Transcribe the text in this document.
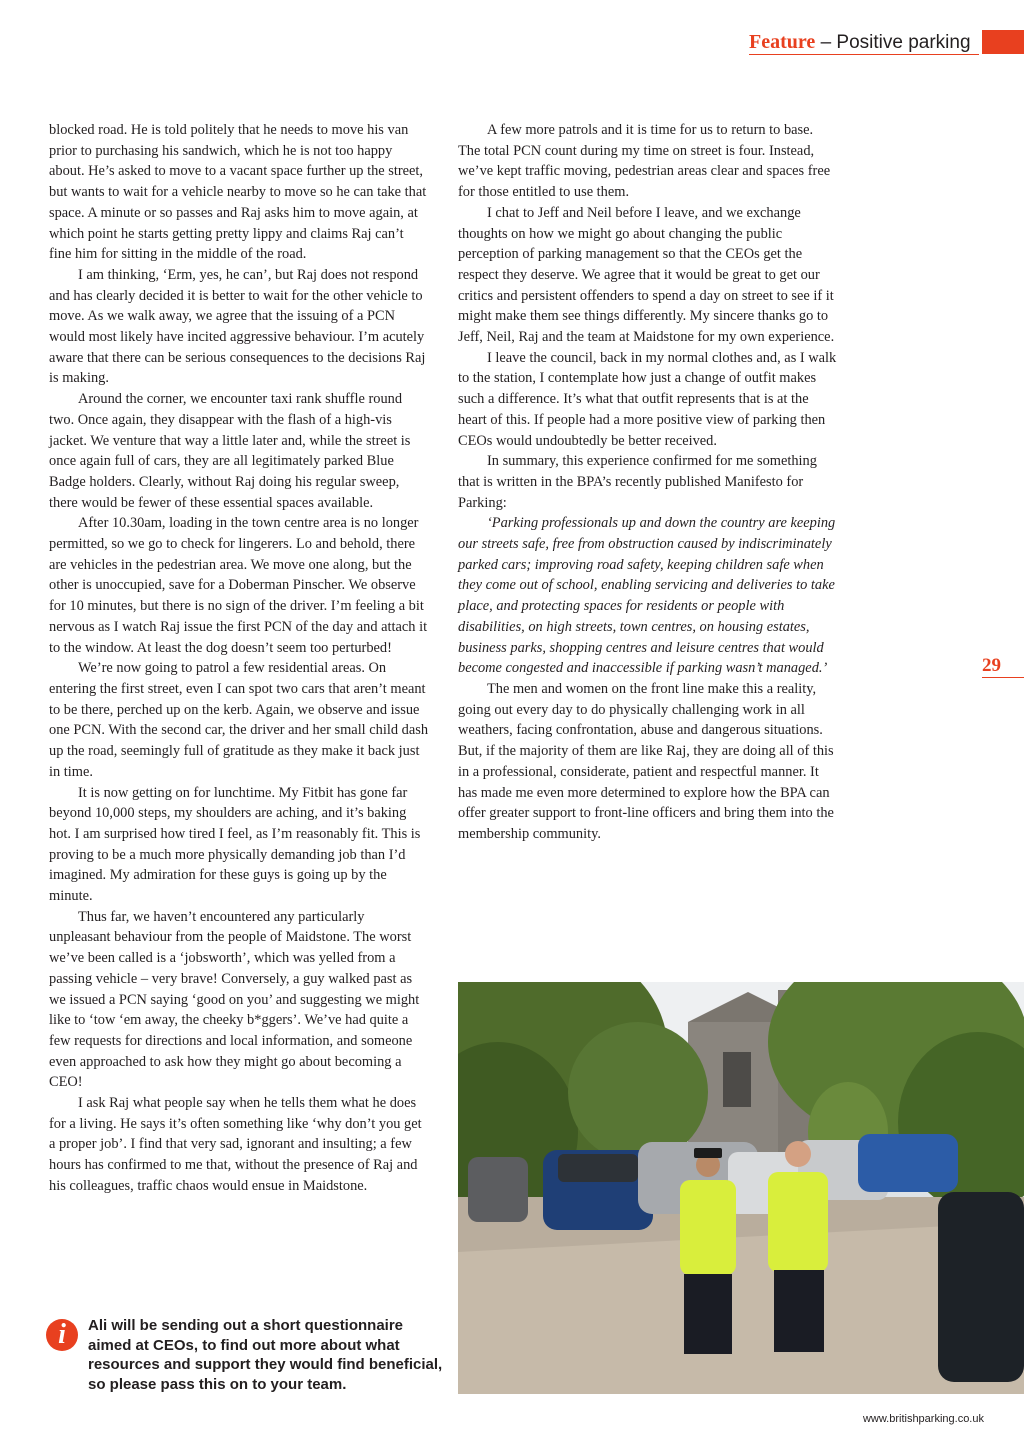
Feature – Positive parking

blocked road. He is told politely that he needs to move his van prior to purchasing his sandwich, which he is not too happy about. He’s asked to move to a vacant space further up the street, but wants to wait for a vehicle nearby to move so he can take that space. A minute or so passes and Raj asks him to move again, at which point he starts getting pretty lippy and claims Raj can’t fine him for sitting in the middle of the road.

I am thinking, ‘Erm, yes, he can’, but Raj does not respond and has clearly decided it is better to wait for the other vehicle to move. As we walk away, we agree that the issuing of a PCN would most likely have incited aggressive behaviour. I’m acutely aware that there can be serious consequences to the decisions Raj is making.

Around the corner, we encounter taxi rank shuffle round two. Once again, they disappear with the flash of a high-vis jacket. We venture that way a little later and, while the street is once again full of cars, they are all legitimately parked Blue Badge holders. Clearly, without Raj doing his regular sweep, there would be fewer of these essential spaces available.

After 10.30am, loading in the town centre area is no longer permitted, so we go to check for lingerers. Lo and behold, there are vehicles in the pedestrian area. We move one along, but the other is unoccupied, save for a Doberman Pinscher. We observe for 10 minutes, but there is no sign of the driver. I’m feeling a bit nervous as I watch Raj issue the first PCN of the day and attach it to the window. At least the dog doesn’t seem too perturbed!

We’re now going to patrol a few residential areas. On entering the first street, even I can spot two cars that aren’t meant to be there, perched up on the kerb. Again, we observe and issue one PCN. With the second car, the driver and her small child dash up the road, seemingly full of gratitude as they make it back just in time.

It is now getting on for lunchtime. My Fitbit has gone far beyond 10,000 steps, my shoulders are aching, and it’s baking hot. I am surprised how tired I feel, as I’m reasonably fit. This is proving to be a much more physically demanding job than I’d imagined. My admiration for these guys is going up by the minute.

Thus far, we haven’t encountered any particularly unpleasant behaviour from the people of Maidstone. The worst we’ve been called is a ‘jobsworth’, which was yelled from a passing vehicle – very brave! Conversely, a guy walked past as we issued a PCN saying ‘good on you’ and suggesting we might like to ‘tow ‘em away, the cheeky b*ggers’. We’ve had quite a few requests for directions and local information, and someone even approached to ask how they might go about becoming a CEO!

I ask Raj what people say when he tells them what he does for a living. He says it’s often something like ‘why don’t you get a proper job’. I find that very sad, ignorant and insulting; a few hours has confirmed to me that, without the presence of Raj and his colleagues, traffic chaos would ensue in Maidstone.

A few more patrols and it is time for us to return to base. The total PCN count during my time on street is four. Instead, we’ve kept traffic moving, pedestrian areas clear and spaces free for those entitled to use them.

I chat to Jeff and Neil before I leave, and we exchange thoughts on how we might go about changing the public perception of parking management so that the CEOs get the respect they deserve. We agree that it would be great to get our critics and persistent offenders to spend a day on street to see if it might make them see things differently. My sincere thanks go to Jeff, Neil, Raj and the team at Maidstone for my own experience.

I leave the council, back in my normal clothes and, as I walk to the station, I contemplate how just a change of outfit makes such a difference. It’s what that outfit represents that is at the heart of this. If people had a more positive view of parking then CEOs would undoubtedly be better received.

In summary, this experience confirmed for me something that is written in the BPA’s recently published Manifesto for Parking:

‘Parking professionals up and down the country are keeping our streets safe, free from obstruction caused by indiscriminately parked cars; improving road safety, keeping children safe when they come out of school, enabling servicing and deliveries to take place, and protecting spaces for residents or people with disabilities, on high streets, town centres, on housing estates, business parks, shopping centres and leisure centres that would become congested and inaccessible if parking wasn’t managed.’

The men and women on the front line make this a reality, going out every day to do physically challenging work in all weathers, facing confrontation, abuse and dangerous situations. But, if the majority of them are like Raj, they are doing all of this in a professional, considerate, patient and respectful manner. It has made me even more determined to explore how the BPA can offer greater support to front-line officers and bring them into the membership community.

29
i	Ali will be sending out a short questionnaire aimed at CEOs, to find out more about what resources and support they would find beneficial, so please pass this on to your team.

www.britishparking.co.uk
